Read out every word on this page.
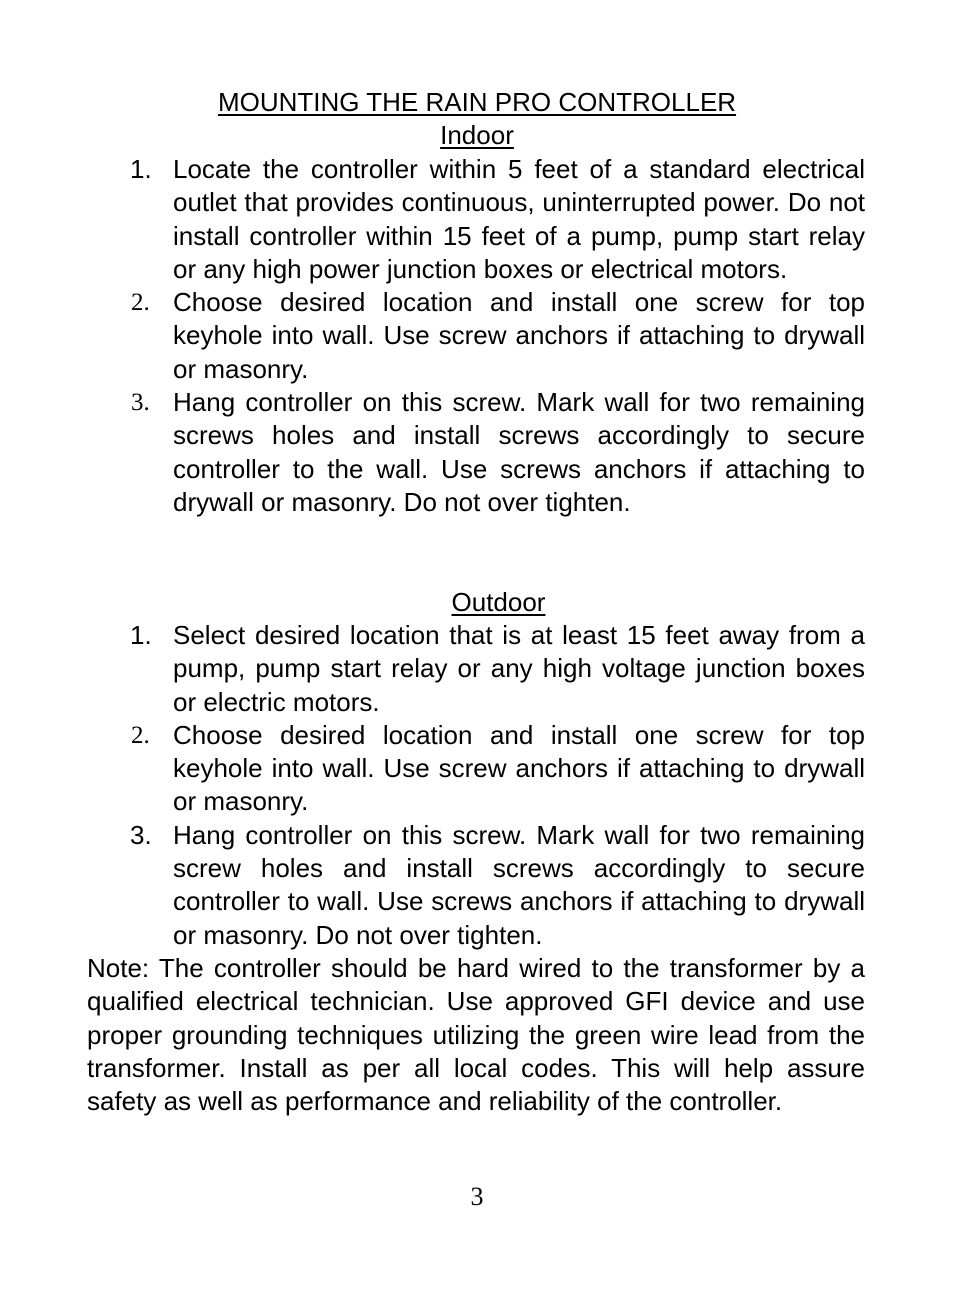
MOUNTING THE RAIN PRO CONTROLLER
Indoor
1. Locate the controller within 5 feet of a standard electrical outlet that provides continuous, uninterrupted power. Do not install controller within 15 feet of a pump, pump start relay or any high power junction boxes or electrical motors.
2. Choose desired location and install one screw for top keyhole into wall. Use screw anchors if attaching to drywall or masonry.
3. Hang controller on this screw. Mark wall for two remaining screws holes and install screws accordingly to secure controller to the wall. Use screws anchors if attaching to drywall or masonry. Do not over tighten.
Outdoor
1. Select desired location that is at least 15 feet away from a pump, pump start relay or any high voltage junction boxes or electric motors.
2. Choose desired location and install one screw for top keyhole into wall. Use screw anchors if attaching to drywall or masonry.
3. Hang controller on this screw. Mark wall for two remaining screw holes and install screws accordingly to secure controller to wall. Use screws anchors if attaching to drywall or masonry. Do not over tighten.

Note: The controller should be hard wired to the transformer by a qualified electrical technician. Use approved GFI device and use proper grounding techniques utilizing the green wire lead from the transformer. Install as per all local codes. This will help assure safety as well as performance and reliability of the controller.

3
